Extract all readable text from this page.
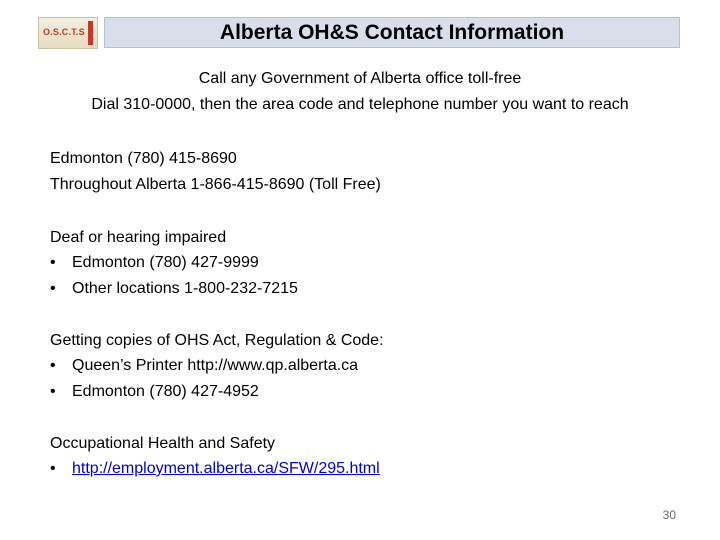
O.S.C.T.S	Alberta OH&S Contact Information
Call any Government of Alberta office toll-free
Dial 310-0000, then the area code and telephone number you want to reach
Edmonton (780) 415-8690
Throughout Alberta 1-866-415-8690 (Toll Free)
Deaf or hearing impaired
•	Edmonton (780) 427-9999
•	Other locations 1-800-232-7215
Getting copies of OHS Act, Regulation & Code:
•	Queen’s Printer http://www.qp.alberta.ca
•	Edmonton (780) 427-4952
Occupational Health and Safety
•	http://employment.alberta.ca/SFW/295.html
30
